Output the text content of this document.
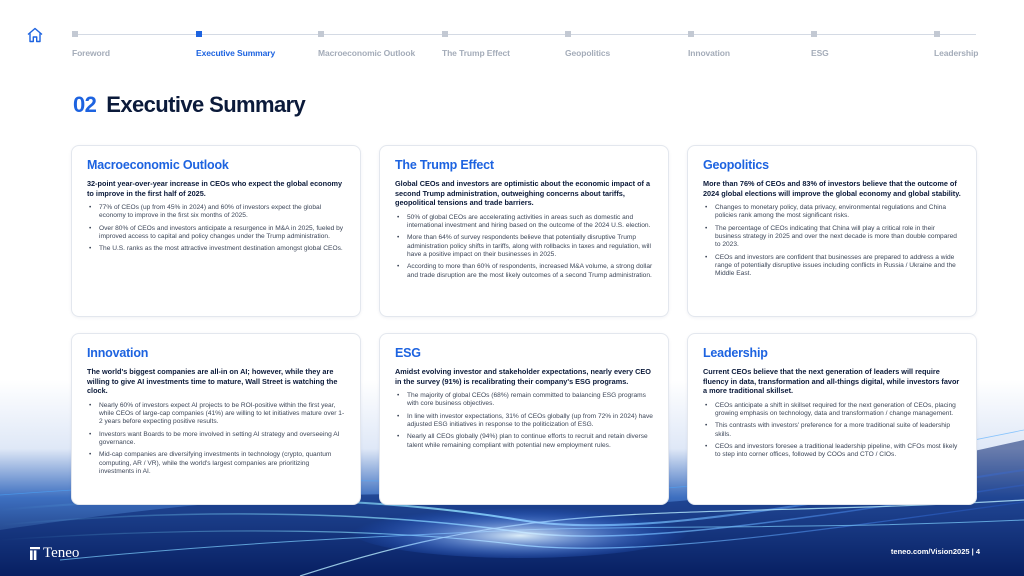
Foreword	Executive Summary	Macroeconomic Outlook	The Trump Effect	Geopolitics	Innovation	ESG	Leadership
02 Executive Summary
Macroeconomic Outlook

32-point year-over-year increase in CEOs who expect the global economy to improve in the first half of 2025.

• 77% of CEOs (up from 45% in 2024) and 60% of investors expect the global economy to improve in the first six months of 2025.
• Over 80% of CEOs and investors anticipate a resurgence in M&A in 2025, fueled by improved access to capital and policy changes under the Trump administration.
• The U.S. ranks as the most attractive investment destination amongst global CEOs.
The Trump Effect

Global CEOs and investors are optimistic about the economic impact of a second Trump administration, outweighing concerns about tariffs, geopolitical tensions and trade barriers.

• 50% of global CEOs are accelerating activities in areas such as domestic and international investment and hiring based on the outcome of the 2024 U.S. election.
• More than 64% of survey respondents believe that potentially disruptive Trump administration policy shifts in tariffs, along with rollbacks in taxes and regulation, will have a positive impact on their businesses in 2025.
• According to more than 60% of respondents, increased M&A volume, a strong dollar and trade disruption are the most likely outcomes of a second Trump administration.
Geopolitics

More than 76% of CEOs and 83% of investors believe that the outcome of 2024 global elections will improve the global economy and global stability.

• Changes to monetary policy, data privacy, environmental regulations and China policies rank among the most significant risks.
• The percentage of CEOs indicating that China will play a critical role in their business strategy in 2025 and over the next decade is more than double compared to 2023.
• CEOs and investors are confident that businesses are prepared to address a wide range of potentially disruptive issues including conflicts in Russia / Ukraine and the Middle East.
Innovation

The world's biggest companies are all-in on AI; however, while they are willing to give AI investments time to mature, Wall Street is watching the clock.

• Nearly 60% of investors expect AI projects to be ROI-positive within the first year, while CEOs of large-cap companies (41%) are willing to let initiatives mature over 1-2 years before expecting positive results.
• Investors want Boards to be more involved in setting AI strategy and overseeing AI governance.
• Mid-cap companies are diversifying investments in technology (crypto, quantum computing, AR / VR), while the world's largest companies are prioritizing investments in AI.
ESG

Amidst evolving investor and stakeholder expectations, nearly every CEO in the survey (91%) is recalibrating their company's ESG programs.

• The majority of global CEOs (68%) remain committed to balancing ESG programs with core business objectives.
• In line with investor expectations, 31% of CEOs globally (up from 72% in 2024) have adjusted ESG initiatives in response to the politicization of ESG.
• Nearly all CEOs globally (94%) plan to continue efforts to recruit and retain diverse talent while remaining compliant with potential new employment rules.
Leadership

Current CEOs believe that the next generation of leaders will require fluency in data, transformation and all-things digital, while investors favor a more traditional skillset.

• CEOs anticipate a shift in skillset required for the next generation of CEOs, placing growing emphasis on technology, data and transformation / change management.
• This contrasts with investors' preference for a more traditional suite of leadership skills.
• CEOs and investors foresee a traditional leadership pipeline, with CFOs most likely to step into corner offices, followed by COOs and CTO / CIOs.
Teneo	teneo.com/Vision2025 | 4
